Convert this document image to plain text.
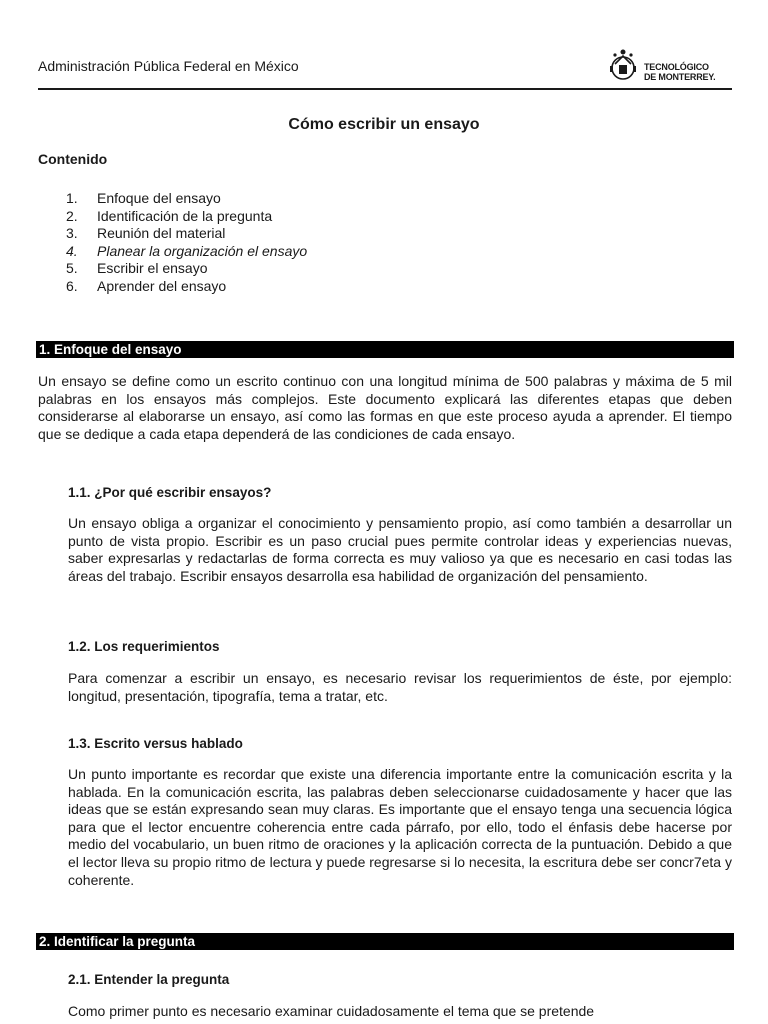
Administración Pública Federal en México	TECNOLÓGICO
DE MONTERREY.
Cómo escribir un ensayo
Contenido
1.	Enfoque del ensayo
2.	Identificación de la pregunta
3.	Reunión del material
4.	Planear la organización el ensayo
5.	Escribir el ensayo
6.	Aprender del ensayo
1. Enfoque del ensayo

Un ensayo se define como un escrito continuo con una longitud mínima de 500 palabras y máxima de 5 mil palabras en los ensayos más complejos. Este documento explicará las diferentes etapas que deben considerarse al elaborarse un ensayo, así como las formas en que este proceso ayuda a aprender. El tiempo que se dedique a cada etapa dependerá de las condiciones de cada ensayo.

1.1. ¿Por qué escribir ensayos?

Un ensayo obliga a organizar el conocimiento y pensamiento propio, así como también a desarrollar un punto de vista propio. Escribir es un paso crucial pues permite controlar ideas y experiencias nuevas, saber expresarlas y redactarlas de forma correcta es muy valioso ya que es necesario en casi todas las áreas del trabajo. Escribir ensayos desarrolla esa habilidad de organización del pensamiento.

1.2. Los requerimientos

Para comenzar a escribir un ensayo, es necesario revisar los requerimientos de éste, por ejemplo: longitud, presentación, tipografía, tema a tratar, etc.

1.3. Escrito versus hablado

Un punto importante es recordar que existe una diferencia importante entre la comunicación escrita y la hablada. En la comunicación escrita, las palabras deben seleccionarse cuidadosamente y hacer que las ideas que se están expresando sean muy claras. Es importante que el ensayo tenga una secuencia lógica para que el lector encuentre coherencia entre cada párrafo, por ello, todo el énfasis debe hacerse por medio del vocabulario, un buen ritmo de oraciones y la aplicación correcta de la puntuación. Debido a que el lector lleva su propio ritmo de lectura y puede regresarse si lo necesita, la escritura debe ser concr7eta y coherente.

2. Identificar la pregunta
2.1. Entender la pregunta

Como primer punto es necesario examinar cuidadosamente el tema que se pretende
